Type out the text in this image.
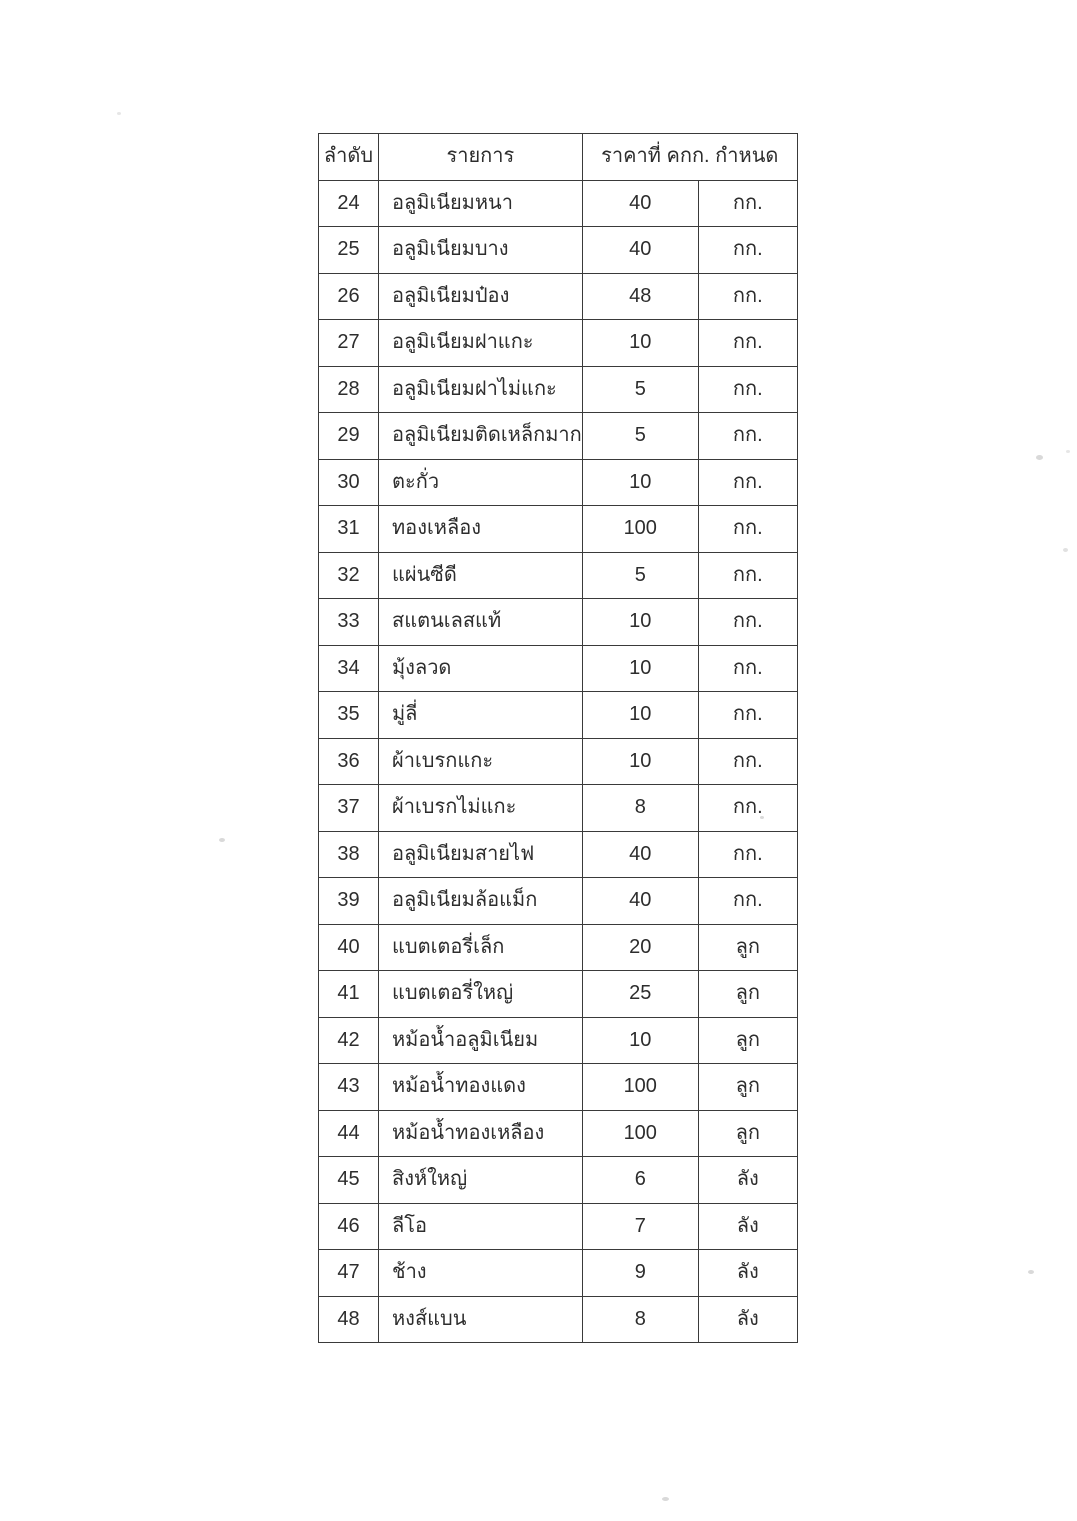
ลำดับ	รายการ	ราคาที่ คกก. กำหนด	
24	อลูมิเนียมหนา	40	กก.
25	อลูมิเนียมบาง	40	กก.
26	อลูมิเนียมป๋อง	48	กก.
27	อลูมิเนียมฝาแกะ	10	กก.
28	อลูมิเนียมฝาไม่แกะ	5	กก.
29	อลูมิเนียมติดเหล็กมาก	5	กก.
30	ตะกั่ว	10	กก.
31	ทองเหลือง	100	กก.
32	แผ่นซีดี	5	กก.
33	สแตนเลสแท้	10	กก.
34	มุ้งลวด	10	กก.
35	มู่ลี่	10	กก.
36	ผ้าเบรกแกะ	10	กก.
37	ผ้าเบรกไม่แกะ	8	กก.
38	อลูมิเนียมสายไฟ	40	กก.
39	อลูมิเนียมล้อแม็ก	40	กก.
40	แบตเตอรี่เล็ก	20	ลูก
41	แบตเตอรี่ใหญ่	25	ลูก
42	หม้อน้ำอลูมิเนียม	10	ลูก
43	หม้อน้ำทองแดง	100	ลูก
44	หม้อน้ำทองเหลือง	100	ลูก
45	สิงห์ใหญ่	6	ลัง
46	ลีโอ	7	ลัง
47	ช้าง	9	ลัง
48	หงส์แบน	8	ลัง
